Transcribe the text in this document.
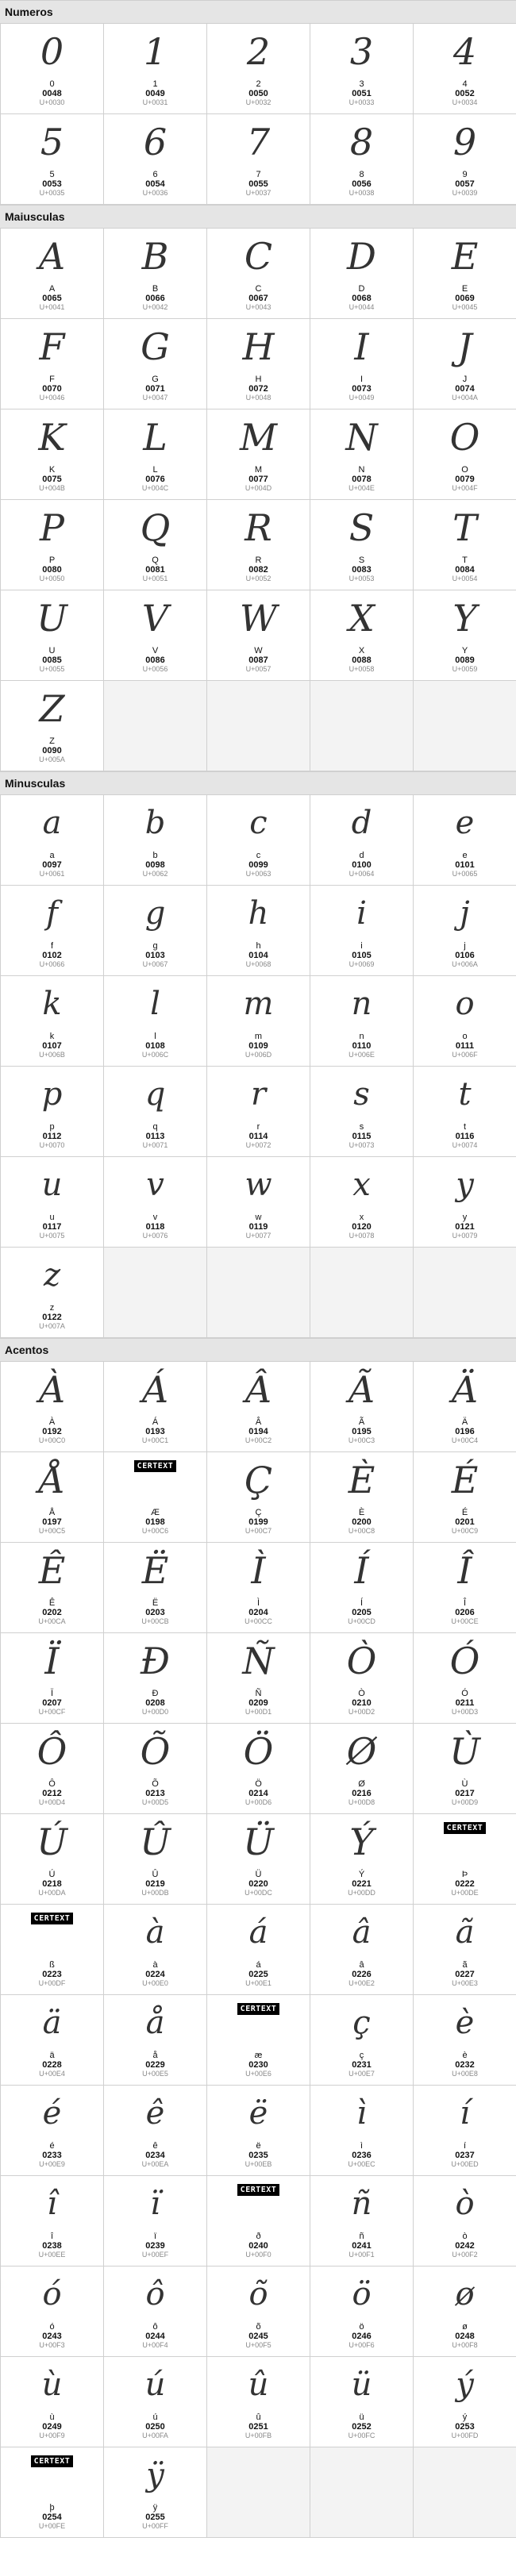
Numeros
0
0
0048
U+0030
1
1
0049
U+0031
2
2
0050
U+0032
3
3
0051
U+0033
4
4
0052
U+0034
5
5
0053
U+0035
6
6
0054
U+0036
7
7
0055
U+0037
8
8
0056
U+0038
9
9
0057
U+0039
Maiusculas
A
A
0065
U+0041
B
B
0066
U+0042
C
C
0067
U+0043
D
D
0068
U+0044
E
E
0069
U+0045
F
F
0070
U+0046
G
G
0071
U+0047
H
H
0072
U+0048
I
I
0073
U+0049
J
J
0074
U+004A
K
K
0075
U+004B
L
L
0076
U+004C
M
M
0077
U+004D
N
N
0078
U+004E
O
O
0079
U+004F
P
P
0080
U+0050
Q
Q
0081
U+0051
R
R
0082
U+0052
S
S
0083
U+0053
T
T
0084
U+0054
U
U
0085
U+0055
V
V
0086
U+0056
W
W
0087
U+0057
X
X
0088
U+0058
Y
Y
0089
U+0059
Z
Z
0090
U+005A
Minusculas
a
a
0097
U+0061
b
b
0098
U+0062
c
c
0099
U+0063
d
d
0100
U+0064
e
e
0101
U+0065
f
f
0102
U+0066
g
g
0103
U+0067
h
h
0104
U+0068
i
i
0105
U+0069
j
j
0106
U+006A
k
k
0107
U+006B
l
l
0108
U+006C
m
m
0109
U+006D
n
n
0110
U+006E
o
o
0111
U+006F
p
p
0112
U+0070
q
q
0113
U+0071
r
r
0114
U+0072
s
s
0115
U+0073
t
t
0116
U+0074
u
u
0117
U+0075
v
v
0118
U+0076
w
w
0119
U+0077
x
x
0120
U+0078
y
y
0121
U+0079
z
z
0122
U+007A
Acentos
À
À
0192
U+00C0
Á
Á
0193
U+00C1
Â
Â
0194
U+00C2
Ã
Ã
0195
U+00C3
Ä
Ä
0196
U+00C4
Å
Å
0197
U+00C5
CERTEXT
Æ
0198
U+00C6
Ç
Ç
0199
U+00C7
È
È
0200
U+00C8
É
É
0201
U+00C9
Ê
Ê
0202
U+00CA
Ë
Ë
0203
U+00CB
Ì
Ì
0204
U+00CC
Í
Í
0205
U+00CD
Î
Î
0206
U+00CE
Ï
Ï
0207
U+00CF
Ð
Ð
0208
U+00D0
Ñ
Ñ
0209
U+00D1
Ò
Ò
0210
U+00D2
Ó
Ó
0211
U+00D3
Ô
Ô
0212
U+00D4
Õ
Õ
0213
U+00D5
Ö
Ö
0214
U+00D6
Ø
Ø
0216
U+00D8
Ù
Ù
0217
U+00D9
Ú
Ú
0218
U+00DA
Û
Û
0219
U+00DB
Ü
Ü
0220
U+00DC
Ý
Ý
0221
U+00DD
CERTEXT
Þ
0222
U+00DE
CERTEXT
ß
0223
U+00DF
à
à
0224
U+00E0
á
á
0225
U+00E1
â
â
0226
U+00E2
ã
ã
0227
U+00E3
ä
ä
0228
U+00E4
å
å
0229
U+00E5
CERTEXT
æ
0230
U+00E6
ç
ç
0231
U+00E7
è
è
0232
U+00E8
é
é
0233
U+00E9
ê
ê
0234
U+00EA
ë
ë
0235
U+00EB
ì
ì
0236
U+00EC
í
í
0237
U+00ED
î
î
0238
U+00EE
ï
ï
0239
U+00EF
CERTEXT
ð
0240
U+00F0
ñ
ñ
0241
U+00F1
ò
ò
0242
U+00F2
ó
ó
0243
U+00F3
ô
ô
0244
U+00F4
õ
õ
0245
U+00F5
ö
ö
0246
U+00F6
ø
ø
0248
U+00F8
ù
ù
0249
U+00F9
ú
ú
0250
U+00FA
û
û
0251
U+00FB
ü
ü
0252
U+00FC
ý
ý
0253
U+00FD
CERTEXT
þ
0254
U+00FE
ÿ
ÿ
0255
U+00FF
